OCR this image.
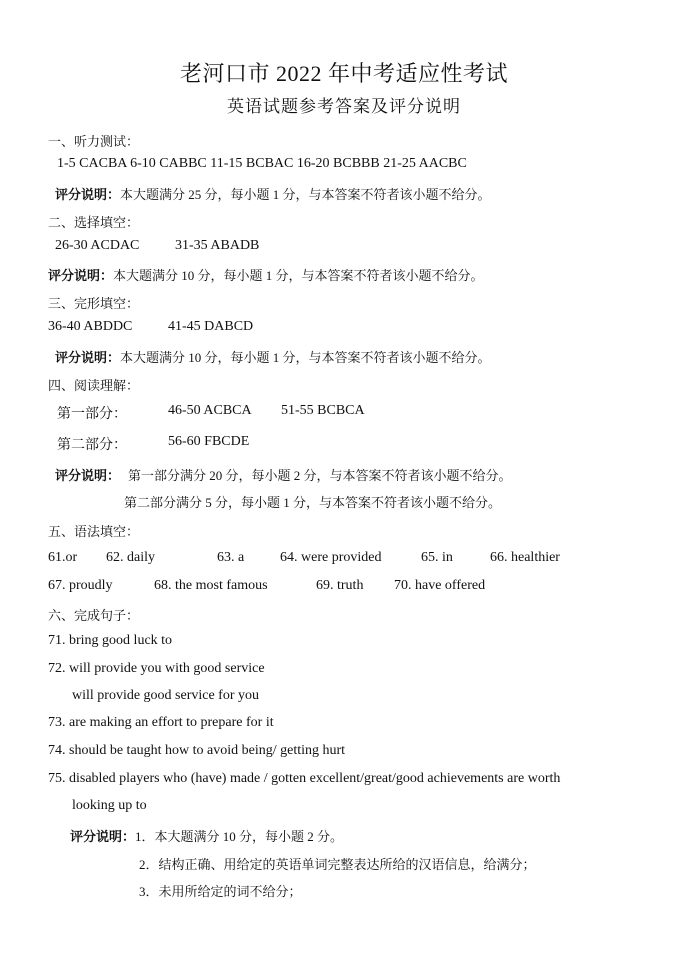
老河口市 2022 年中考适应性考试
英语试题参考答案及评分说明
一、听力测试：
1-5 CACBA 6-10 CABBC 11-15 BCBAC 16-20 BCBBB 21-25 AACBC
评分说明：本大题满分 25 分，每小题 1 分，与本答案不符者该小题不给分。
二、选择填空：
26-30 ACDAC	31-35 ABADB
评分说明：本大题满分 10 分，每小题 1 分，与本答案不符者该小题不给分。
三、完形填空：
36-40 ABDDC	41-45 DABCD
评分说明：本大题满分 10 分，每小题 1 分，与本答案不符者该小题不给分。
四、阅读理解：
第一部分：	46-50 ACBCA 51-55 BCBCA
第二部分：	56-60 FBCDE
评分说明： 第一部分满分 20 分，每小题 2 分，与本答案不符者该小题不给分。
第二部分满分 5 分，每小题 1 分，与本答案不符者该小题不给分。
五、语法填空：
61.or 62. daily	63. a	64. were provided	65. in	66. healthier
67. proudly	68. the most famous	69. truth 70. have offered
六、完成句子：
71. bring good luck to
72. will provide you with good service
will provide good service for you
73. are making an effort to prepare for it
74. should be taught how to avoid being/ getting hurt
75. disabled players who (have) made / gotten excellent/great/good achievements are worth
looking up to
评分说明：1．本大题满分 10 分，每小题 2 分。
2．结构正确、用给定的英语单词完整表达所给的汉语信息，给满分；
3．未用所给定的词不给分；
